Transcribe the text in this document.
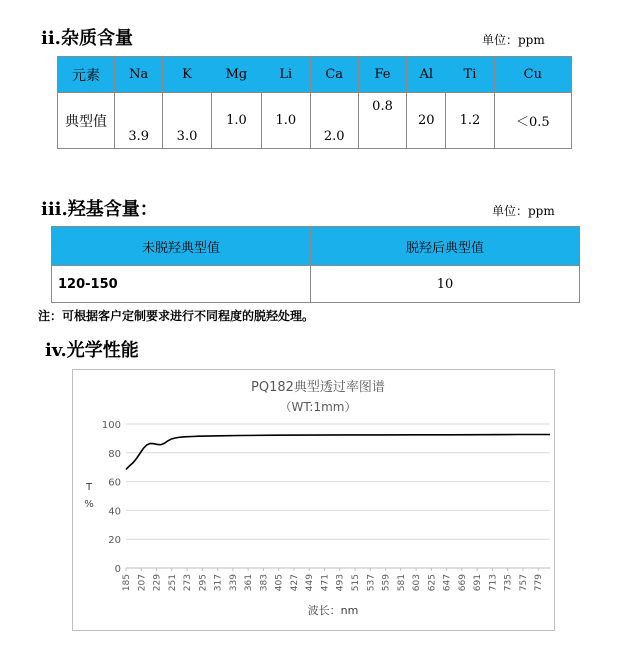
ii.杂质含量	单位：ppm
元素	Na	K	Mg	Li	Ca	Fe	Al	Ti	Cu
典型值	3.9	3.0	1.0	1.0	2.0	0.8	20	1.2	＜0.5
iii.羟基含量：	单位：ppm
未脱羟典型值	脱羟后典型值
120-150	10
注：可根据客户定制要求进行不同程度的脱羟处理。
iv.光学性能
PQ182典型透过率图谱
（WT:1mm）
0
20
40
60
80
100
185 207 229 251 273 295 317 339 361 383 405 427 449 471 493 515 537 559 581 603 625 647 669 691 713 735 757 779
T
%
波长：nm
